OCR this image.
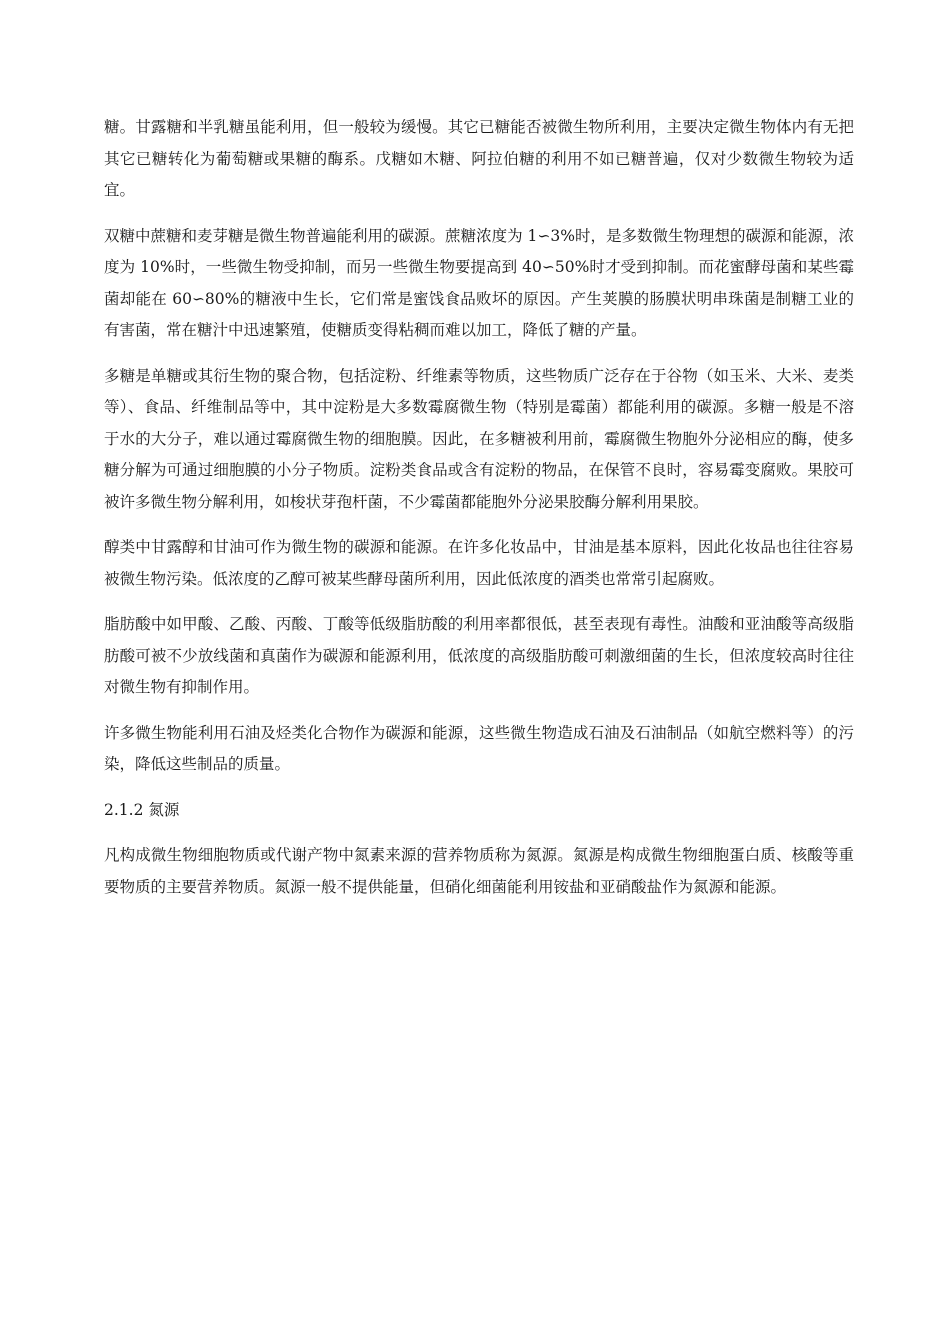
糖。甘露糖和半乳糖虽能利用，但一般较为缓慢。其它已糖能否被微生物所利用，主要决定微生物体内有无把其它已糖转化为葡萄糖或果糖的酶系。戊糖如木糖、阿拉伯糖的利用不如已糖普遍，仅对少数微生物较为适宜。

双糖中蔗糖和麦芽糖是微生物普遍能利用的碳源。蔗糖浓度为 1∽3%时，是多数微生物理想的碳源和能源，浓度为 10%时，一些微生物受抑制，而另一些微生物要提高到 40∽50%时才受到抑制。而花蜜酵母菌和某些霉菌却能在 60∽80%的糖液中生长，它们常是蜜饯食品败坏的原因。产生荚膜的肠膜状明串珠菌是制糖工业的有害菌，常在糖汁中迅速繁殖，使糖质变得粘稠而难以加工，降低了糖的产量。

多糖是单糖或其衍生物的聚合物，包括淀粉、纤维素等物质，这些物质广泛存在于谷物（如玉米、大米、麦类等）、食品、纤维制品等中，其中淀粉是大多数霉腐微生物（特别是霉菌）都能利用的碳源。多糖一般是不溶于水的大分子，难以通过霉腐微生物的细胞膜。因此，在多糖被利用前，霉腐微生物胞外分泌相应的酶，使多糖分解为可通过细胞膜的小分子物质。淀粉类食品或含有淀粉的物品，在保管不良时，容易霉变腐败。果胶可被许多微生物分解利用，如梭状芽孢杆菌，不少霉菌都能胞外分泌果胶酶分解利用果胶。

醇类中甘露醇和甘油可作为微生物的碳源和能源。在许多化妆品中，甘油是基本原料，因此化妆品也往往容易被微生物污染。低浓度的乙醇可被某些酵母菌所利用，因此低浓度的酒类也常常引起腐败。

脂肪酸中如甲酸、乙酸、丙酸、丁酸等低级脂肪酸的利用率都很低，甚至表现有毒性。油酸和亚油酸等高级脂肪酸可被不少放线菌和真菌作为碳源和能源利用，低浓度的高级脂肪酸可刺激细菌的生长，但浓度较高时往往对微生物有抑制作用。

许多微生物能利用石油及烃类化合物作为碳源和能源，这些微生物造成石油及石油制品（如航空燃料等）的污染，降低这些制品的质量。

2.1.2 氮源

凡构成微生物细胞物质或代谢产物中氮素来源的营养物质称为氮源。氮源是构成微生物细胞蛋白质、核酸等重要物质的主要营养物质。氮源一般不提供能量，但硝化细菌能利用铵盐和亚硝酸盐作为氮源和能源。
